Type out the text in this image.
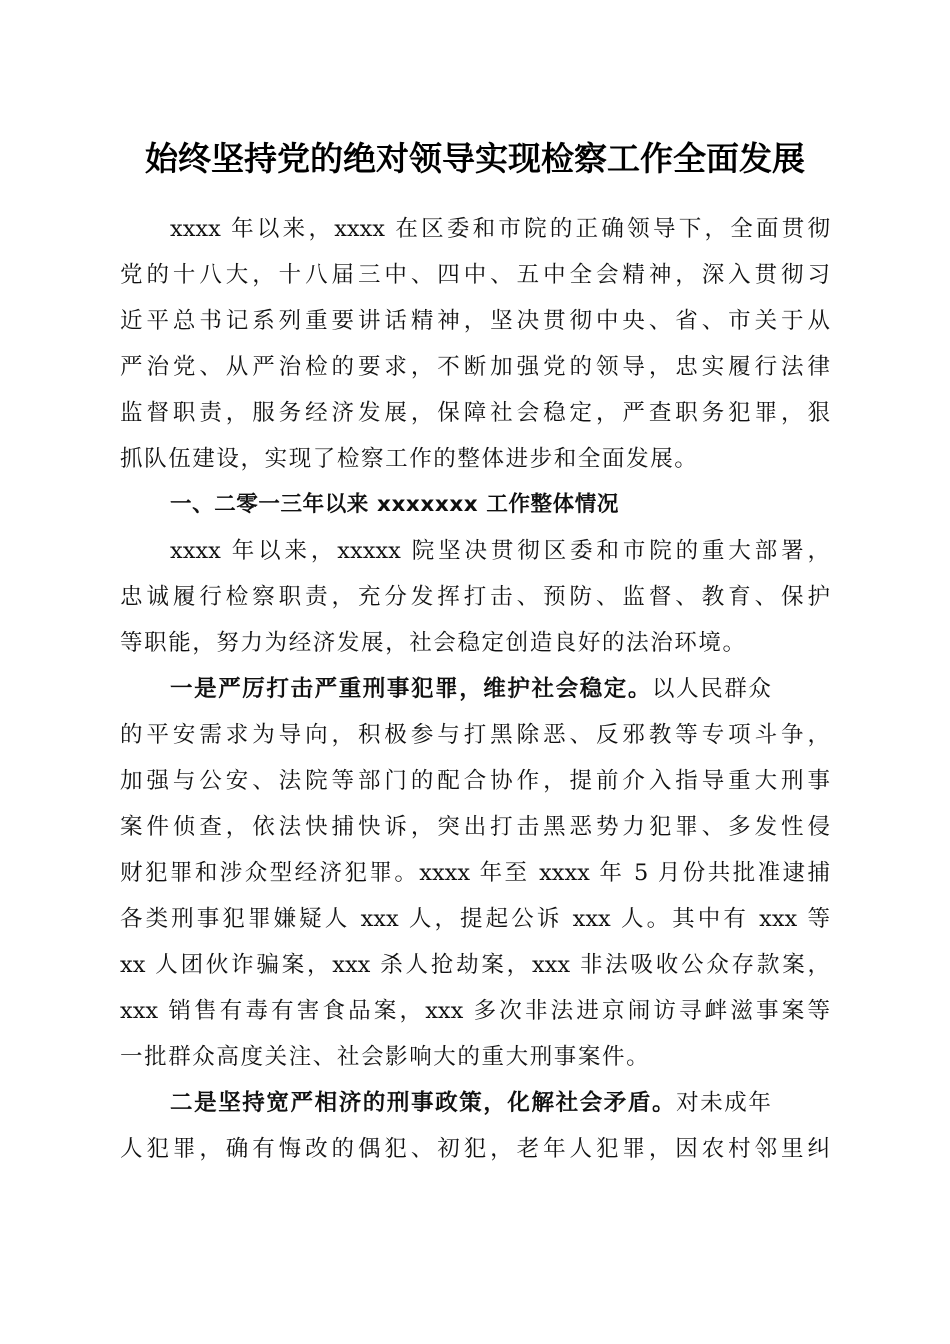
始终坚持党的绝对领导实现检察工作全面发展
xxxx 年以来，xxxx 在区委和市院的正确领导下，全面贯彻
党的十八大，十八届三中、四中、五中全会精神，深入贯彻习
近平总书记系列重要讲话精神，坚决贯彻中央、省、市关于从
严治党、从严治检的要求，不断加强党的领导，忠实履行法律
监督职责，服务经济发展，保障社会稳定，严查职务犯罪，狠
抓队伍建设，实现了检察工作的整体进步和全面发展。
一、二零一三年以来 xxxxxxx 工作整体情况
xxxx 年以来，xxxxx 院坚决贯彻区委和市院的重大部署，
忠诚履行检察职责，充分发挥打击、预防、监督、教育、保护
等职能，努力为经济发展，社会稳定创造良好的法治环境。
一是严厉打击严重刑事犯罪，维护社会稳定。以人民群众
的平安需求为导向，积极参与打黑除恶、反邪教等专项斗争，
加强与公安、法院等部门的配合协作，提前介入指导重大刑事
案件侦查，依法快捕快诉，突出打击黑恶势力犯罪、多发性侵
财犯罪和涉众型经济犯罪。xxxx 年至 xxxx 年 5 月份共批准逮捕
各类刑事犯罪嫌疑人 xxx 人，提起公诉 xxx 人。其中有 xxx 等
xx 人团伙诈骗案，xxx 杀人抢劫案，xxx 非法吸收公众存款案，
xxx 销售有毒有害食品案，xxx 多次非法进京闹访寻衅滋事案等
一批群众高度关注、社会影响大的重大刑事案件。
二是坚持宽严相济的刑事政策，化解社会矛盾。对未成年
人犯罪，确有悔改的偶犯、初犯，老年人犯罪，因农村邻里纠
